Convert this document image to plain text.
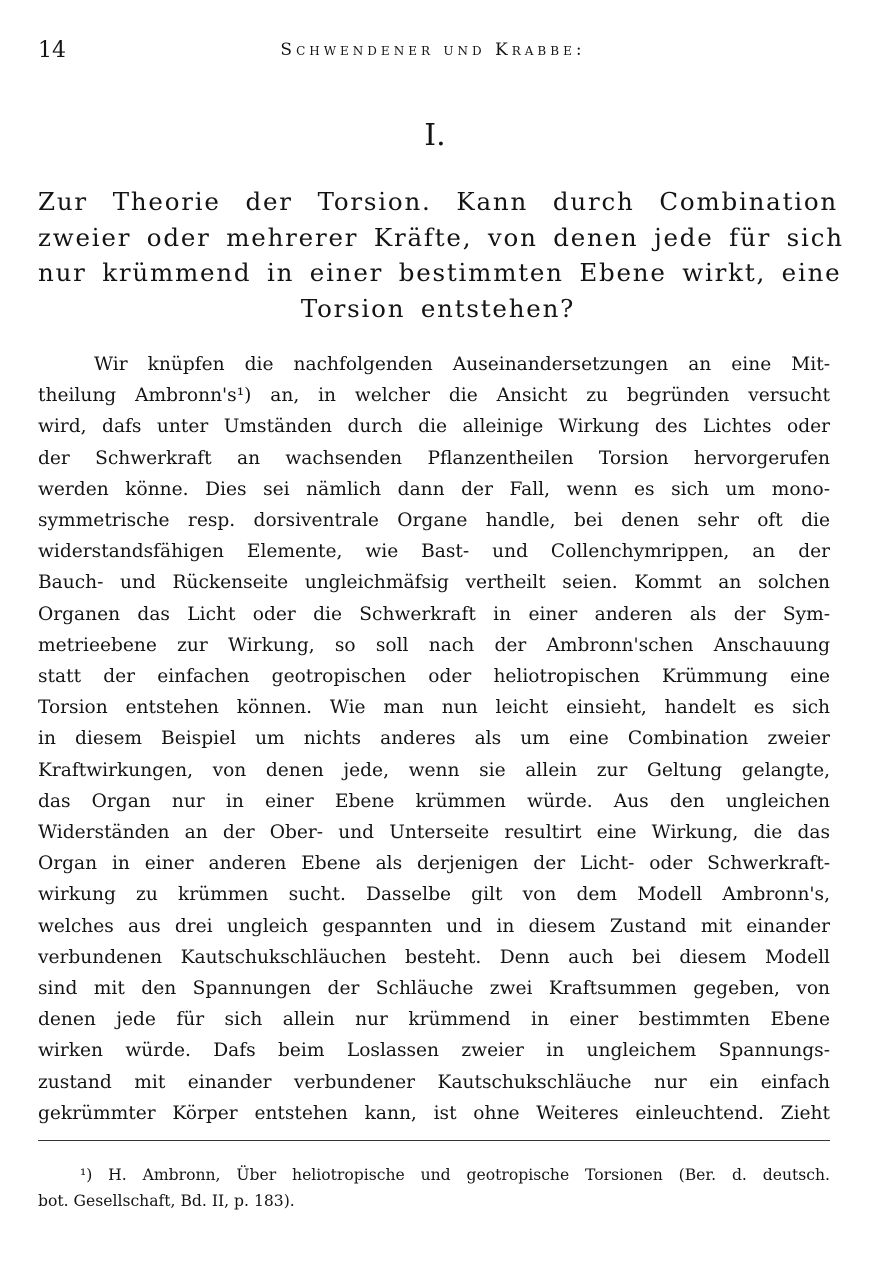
14	Schwendener und Krabbe:
I.
Zur Theorie der Torsion. Kann durch Combination
zweier oder mehrerer Kräfte, von denen jede für sich
nur krümmend in einer bestimmten Ebene wirkt, eine
Torsion entstehen?
Wir knüpfen die nachfolgenden Auseinandersetzungen an eine Mit-
theilung Ambronn's¹) an, in welcher die Ansicht zu begründen versucht
wird, dafs unter Umständen durch die alleinige Wirkung des Lichtes oder
der Schwerkraft an wachsenden Pflanzentheilen Torsion hervorgerufen
werden könne. Dies sei nämlich dann der Fall, wenn es sich um mono-
symmetrische resp. dorsiventrale Organe handle, bei denen sehr oft die
widerstandsfähigen Elemente, wie Bast- und Collenchymrippen, an der
Bauch- und Rückenseite ungleichmäfsig vertheilt seien. Kommt an solchen
Organen das Licht oder die Schwerkraft in einer anderen als der Sym-
metrieebene zur Wirkung, so soll nach der Ambronn'schen Anschauung
statt der einfachen geotropischen oder heliotropischen Krümmung eine
Torsion entstehen können. Wie man nun leicht einsieht, handelt es sich
in diesem Beispiel um nichts anderes als um eine Combination zweier
Kraftwirkungen, von denen jede, wenn sie allein zur Geltung gelangte,
das Organ nur in einer Ebene krümmen würde. Aus den ungleichen
Widerständen an der Ober- und Unterseite resultirt eine Wirkung, die das
Organ in einer anderen Ebene als derjenigen der Licht- oder Schwerkraft-
wirkung zu krümmen sucht. Dasselbe gilt von dem Modell Ambronn's,
welches aus drei ungleich gespannten und in diesem Zustand mit einander
verbundenen Kautschukschläuchen besteht. Denn auch bei diesem Modell
sind mit den Spannungen der Schläuche zwei Kraftsummen gegeben, von
denen jede für sich allein nur krümmend in einer bestimmten Ebene
wirken würde. Dafs beim Loslassen zweier in ungleichem Spannungs-
zustand mit einander verbundener Kautschukschläuche nur ein einfach
gekrümmter Körper entstehen kann, ist ohne Weiteres einleuchtend. Zieht
¹) H. Ambronn, Über heliotropische und geotropische Torsionen (Ber. d. deutsch.
bot. Gesellschaft, Bd. II, p. 183).
